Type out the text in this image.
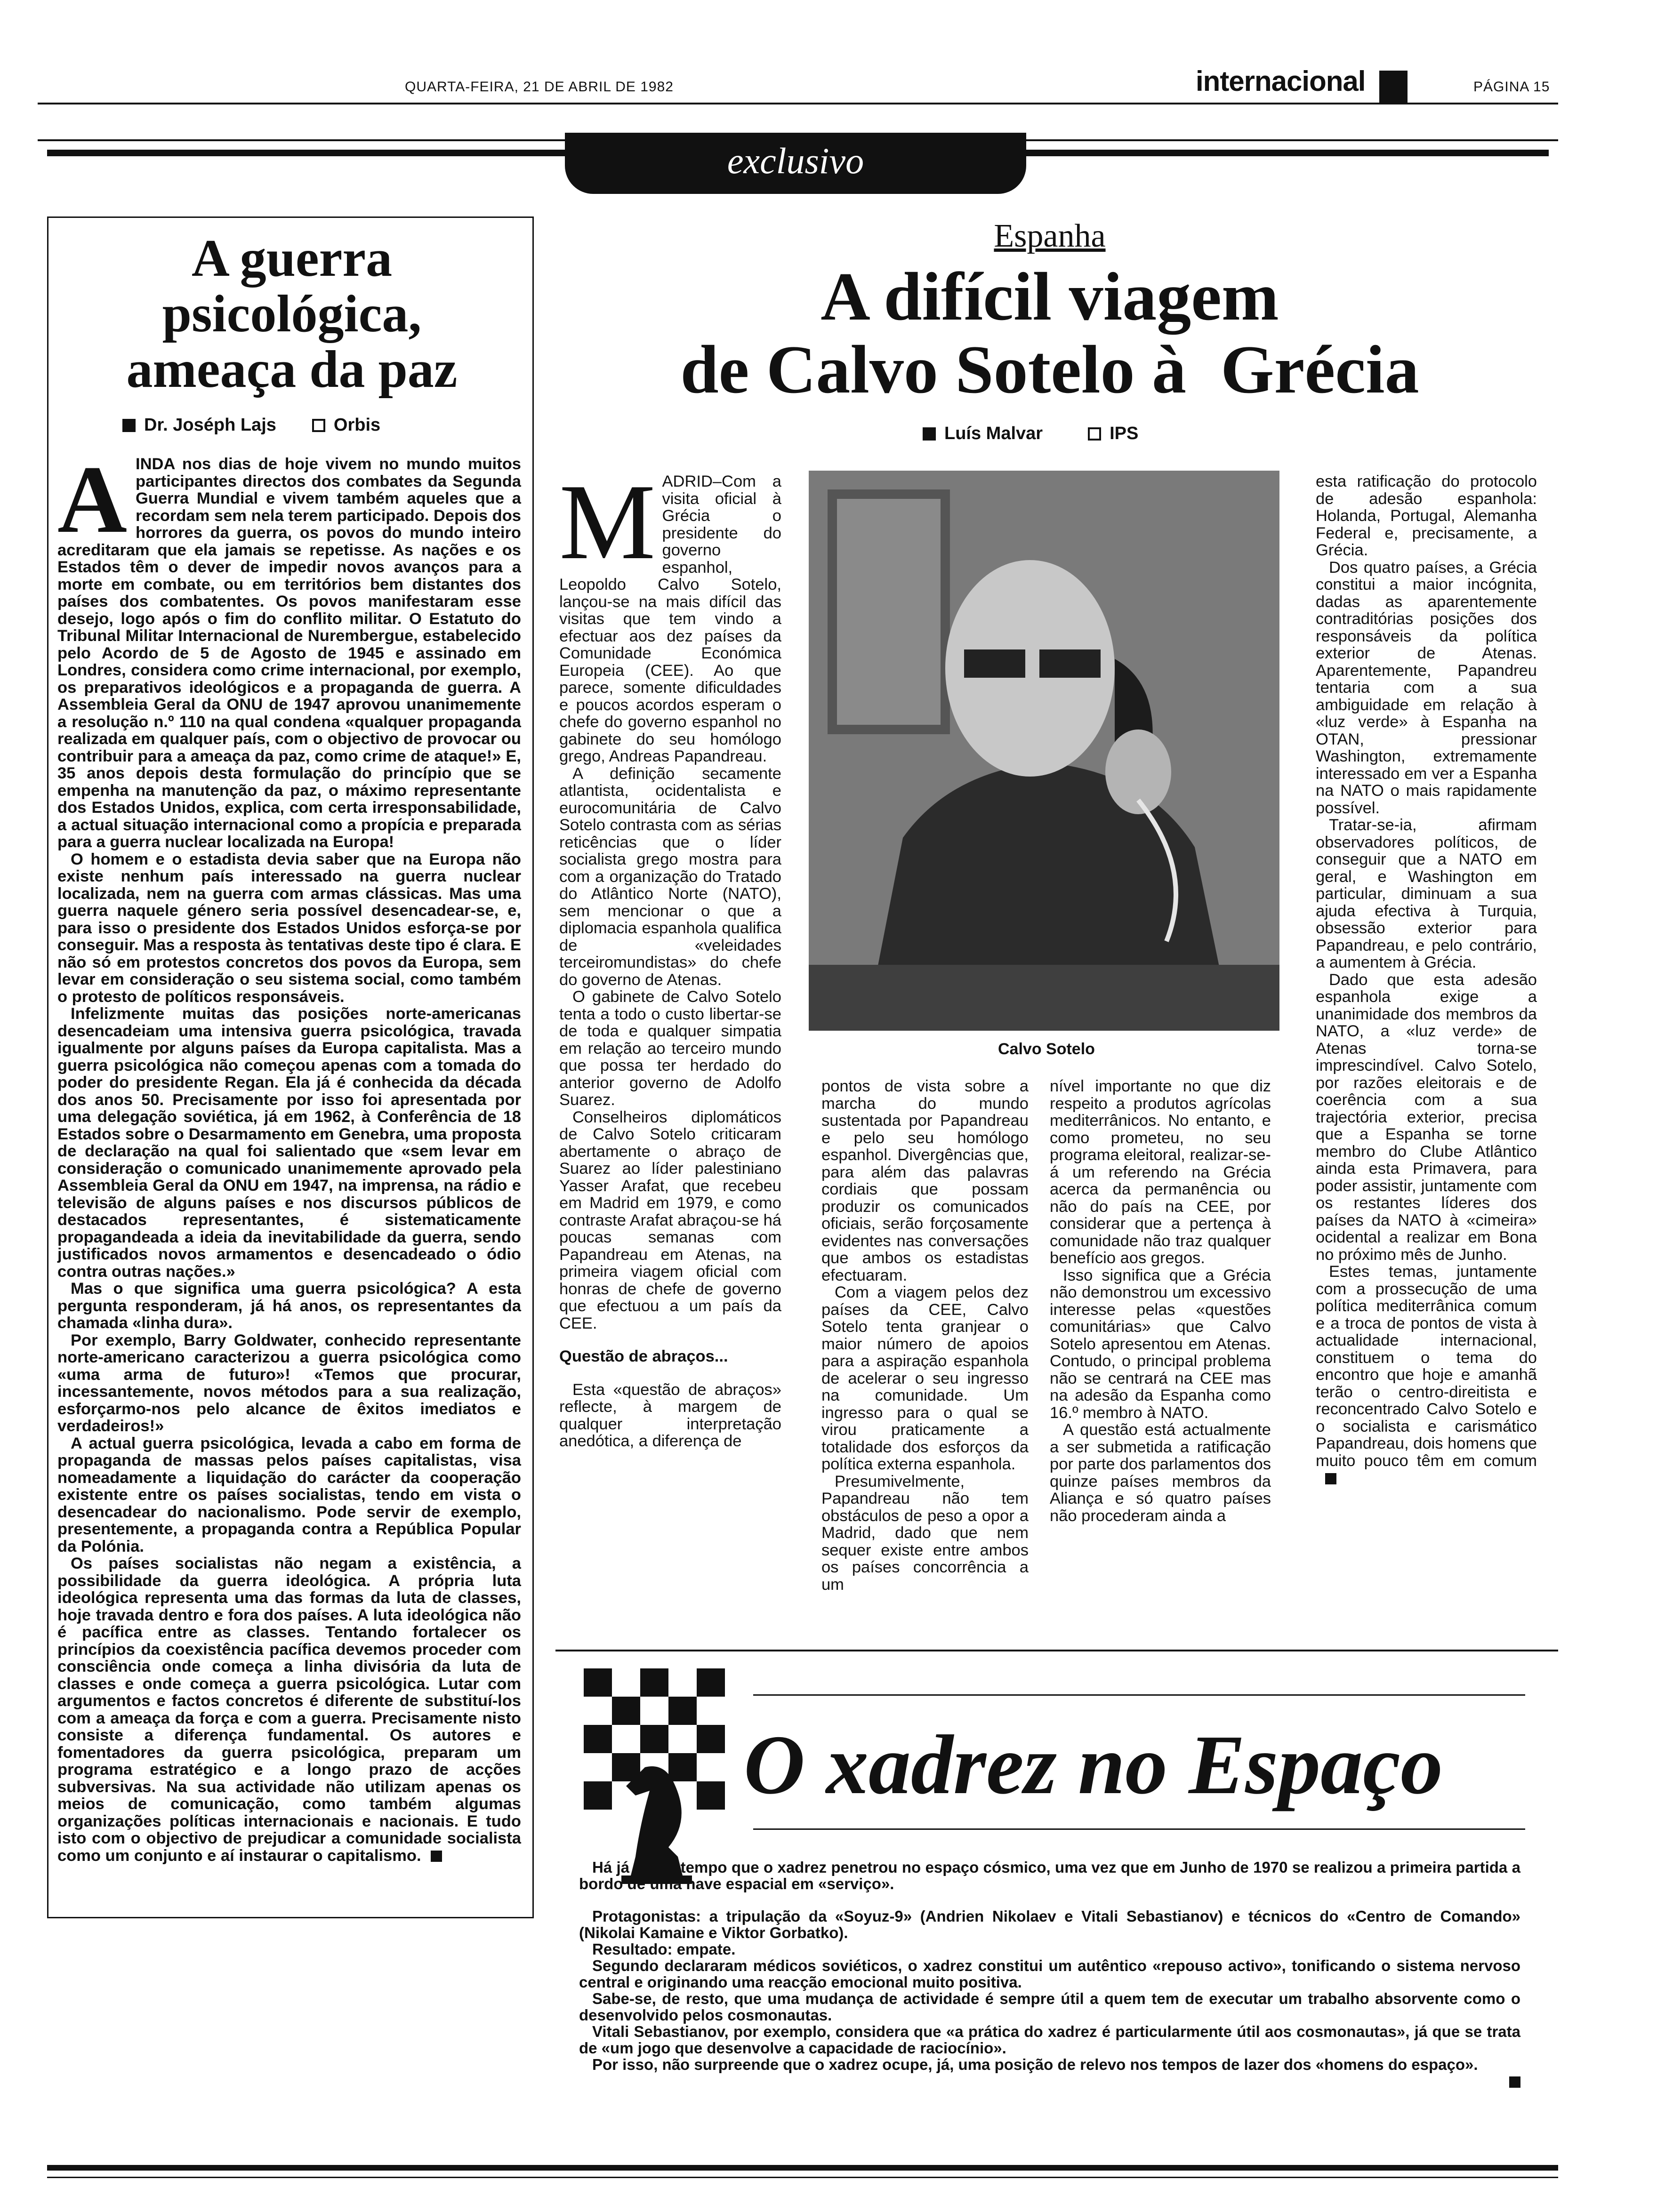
QUARTA-FEIRA, 21 DE ABRIL DE 1982	internacional	PÁGINA 15
exclusivo
A guerra psicológica, ameaça da paz
Dr. Joséph Lajs	Orbis
A INDA nos dias de hoje vivem no mundo muitos participantes directos dos combates da Segunda Guerra Mundial e vivem também aqueles que a recordam sem nela terem participado. Depois dos horrores da guerra, os povos do mundo inteiro acreditaram que ela jamais se repetisse. As nações e os Estados têm o dever de impedir novos avanços para a morte em combate, ou em territórios bem distantes dos países dos combatentes. Os povos manifestaram esse desejo, logo após o fim do conflito militar. O Estatuto do Tribunal Militar Internacional de Nurembergue, estabelecido pelo Acordo de 5 de Agosto de 1945 e assinado em Londres, considera como crime internacional, por exemplo, os preparativos ideológicos e a propaganda de guerra. A Assembleia Geral da ONU de 1947 aprovou unanimemente a resolução n.º 110 na qual condena «qualquer propaganda realizada em qualquer país, com o objectivo de provocar ou contribuir para a ameaça da paz, como crime de ataque!» E, 35 anos depois desta formulação do princípio que se empenha na manutenção da paz, o máximo representante dos Estados Unidos, explica, com certa irresponsabilidade, a actual situação internacional como a propícia e preparada para a guerra nuclear localizada na Europa!

O homem e o estadista devia saber que na Europa não existe nenhum país interessado na guerra nuclear localizada, nem na guerra com armas clássicas. Mas uma guerra naquele género seria possível desencadear-se, e, para isso o presidente dos Estados Unidos esforça-se por conseguir. Mas a resposta às tentativas deste tipo é clara. E não só em protestos concretos dos povos da Europa, sem levar em consideração o seu sistema social, como também o protesto de políticos responsáveis.

Infelizmente muitas das posições norte-americanas desencadeiam uma intensiva guerra psicológica, travada igualmente por alguns países da Europa capitalista. Mas a guerra psicológica não começou apenas com a tomada do poder do presidente Regan. Ela já é conhecida da década dos anos 50. Precisamente por isso foi apresentada por uma delegação soviética, já em 1962, à Conferência de 18 Estados sobre o Desarmamento em Genebra, uma proposta de declaração na qual foi salientado que «sem levar em consideração o comunicado unanimemente aprovado pela Assembleia Geral da ONU em 1947, na imprensa, na rádio e televisão de alguns países e nos discursos públicos de destacados representantes, é sistematicamente propagandeada a ideia da inevitabilidade da guerra, sendo justificados novos armamentos e desencadeado o ódio contra outras nações.»

Mas o que significa uma guerra psicológica? A esta pergunta responderam, já há anos, os representantes da chamada «linha dura».

Por exemplo, Barry Goldwater, conhecido representante norte-americano caracterizou a guerra psicológica como «uma arma de futuro»! «Temos que procurar, incessantemente, novos métodos para a sua realização, esforçarmo-nos pelo alcance de êxitos imediatos e verdadeiros!»

A actual guerra psicológica, levada a cabo em forma de propaganda de massas pelos países capitalistas, visa nomeadamente a liquidação do carácter da cooperação existente entre os países socialistas, tendo em vista o desencadear do nacionalismo. Pode servir de exemplo, presentemente, a propaganda contra a República Popular da Polónia.

Os países socialistas não negam a existência, a possibilidade da guerra ideológica. A própria luta ideológica representa uma das formas da luta de classes, hoje travada dentro e fora dos países. A luta ideológica não é pacífica entre as classes. Tentando fortalecer os princípios da coexistência pacífica devemos proceder com consciência onde começa a linha divisória da luta de classes e onde começa a guerra psicológica. Lutar com argumentos e factos concretos é diferente de substituí-los com a ameaça da força e com a guerra. Precisamente nisto consiste a diferença fundamental. Os autores e fomentadores da guerra psicológica, preparam um programa estratégico e a longo prazo de acções subversivas. Na sua actividade não utilizam apenas os meios de comunicação, como também algumas organizações políticas internacionais e nacionais. E tudo isto com o objectivo de prejudicar a comunidade socialista como um conjunto e aí instaurar o capitalismo.

Espanha
A difícil viagem
de Calvo Sotelo à  Grécia
Luís Malvar	IPS
M ADRID–Com a visita oficial à Grécia o presidente do governo espanhol, Leopoldo Calvo Sotelo, lançou-se na mais difícil das visitas que tem vindo a efectuar aos dez países da Comunidade Económica Europeia (CEE). Ao que parece, somente dificuldades e poucos acordos esperam o chefe do governo espanhol no gabinete do seu homólogo grego, Andreas Papandreau.

A definição secamente atlantista, ocidentalista e eurocomunitária de Calvo Sotelo contrasta com as sérias reticências que o líder socialista grego mostra para com a organização do Tratado do Atlântico Norte (NATO), sem mencionar o que a diplomacia espanhola qualifica de «veleidades terceiromundistas» do chefe do governo de Atenas.

O gabinete de Calvo Sotelo tenta a todo o custo libertar-se de toda e qualquer simpatia em relação ao terceiro mundo que possa ter herdado do anterior governo de Adolfo Suarez.

Conselheiros diplomáticos de Calvo Sotelo criticaram abertamente o abraço de Suarez ao líder palestiniano Yasser Arafat, que recebeu em Madrid em 1979, e como contraste Arafat abraçou-se há poucas semanas com Papandreau em Atenas, na primeira viagem oficial com honras de chefe de governo que efectuou a um país da CEE.

Questão de abraços...

Esta «questão de abraços» reflecte, à margem de qualquer interpretação anedótica, a diferença de

Calvo Sotelo

pontos de vista sobre a marcha do mundo sustentada por Papandreau e pelo seu homólogo espanhol. Divergências que, para além das palavras cordiais que possam produzir os comunicados oficiais, serão forçosamente evidentes nas conversações que ambos os estadistas efectuaram.

Com a viagem pelos dez países da CEE, Calvo Sotelo tenta granjear o maior número de apoios para a aspiração espanhola de acelerar o seu ingresso na comunidade. Um ingresso para o qual se virou praticamente a totalidade dos esforços da política externa espanhola.

Presumivelmente, Papandreau não tem obstáculos de peso a opor a Madrid, dado que nem sequer existe entre ambos os países concorrência a um

nível importante no que diz respeito a produtos agrícolas mediterrânicos. No entanto, e como prometeu, no seu programa eleitoral, realizar-se-á um referendo na Grécia acerca da permanência ou não do país na CEE, por considerar que a pertença à comunidade não traz qualquer benefício aos gregos.

Isso significa que a Grécia não demonstrou um excessivo interesse pelas «questões comunitárias» que Calvo Sotelo apresentou em Atenas. Contudo, o principal problema não se centrará na CEE mas na adesão da Espanha como 16.º membro à NATO.

A questão está actualmente a ser submetida a ratificação por parte dos parlamentos dos quinze países membros da Aliança e só quatro países não procederam ainda a

esta ratificação do protocolo de adesão espanhola: Holanda, Portugal, Alemanha Federal e, precisamente, a Grécia.

Dos quatro países, a Grécia constitui a maior incógnita, dadas as aparentemente contraditórias posições dos responsáveis da política exterior de Atenas. Aparentemente, Papandreu tentaria com a sua ambiguidade em relação à «luz verde» à Espanha na OTAN, pressionar Washington, extremamente interessado em ver a Espanha na NATO o mais rapidamente possível.

Tratar-se-ia, afirmam observadores políticos, de conseguir que a NATO em geral, e Washington em particular, diminuam a sua ajuda efectiva à Turquia, obsessão exterior para Papandreau, e pelo contrário, a aumentem à Grécia.

Dado que esta adesão espanhola exige a unanimidade dos membros da NATO, a «luz verde» de Atenas torna-se imprescindível. Calvo Sotelo, por razões eleitorais e de coerência com a sua trajectória exterior, precisa que a Espanha se torne membro do Clube Atlântico ainda esta Primavera, para poder assistir, juntamente com os restantes líderes dos países da NATO à «cimeira» ocidental a realizar em Bona no próximo mês de Junho.

Estes temas, juntamente com a prossecução de uma política mediterrânica comum e a troca de pontos de vista à actualidade internacional, constituem o tema do encontro que hoje e amanhã terão o centro-direitista e reconcentrado Calvo Sotelo e o socialista e carismático Papandreau, dois homens que muito pouco têm em comum

O xadrez no Espaço

Há já muito tempo que o xadrez penetrou no espaço cósmico, uma vez que em Junho de 1970 se realizou a primeira partida a bordo de uma nave espacial em «serviço».

Protagonistas: a tripulação da «Soyuz-9» (Andrien Nikolaev e Vitali Sebastianov) e técnicos do «Centro de Comando» (Nikolai Kamaine e Viktor Gorbatko).

Resultado: empate.

Segundo declararam médicos soviéticos, o xadrez constitui um autêntico «repouso activo», tonificando o sistema nervoso central e originando uma reacção emocional muito positiva.

Sabe-se, de resto, que uma mudança de actividade é sempre útil a quem tem de executar um trabalho absorvente como o desenvolvido pelos cosmonautas.

Vitali Sebastianov, por exemplo, considera que «a prática do xadrez é particularmente útil aos cosmonautas», já que se trata de «um jogo que desenvolve a capacidade de raciocínio».

Por isso, não surpreende que o xadrez ocupe, já, uma posição de relevo nos tempos de lazer dos «homens do espaço».
